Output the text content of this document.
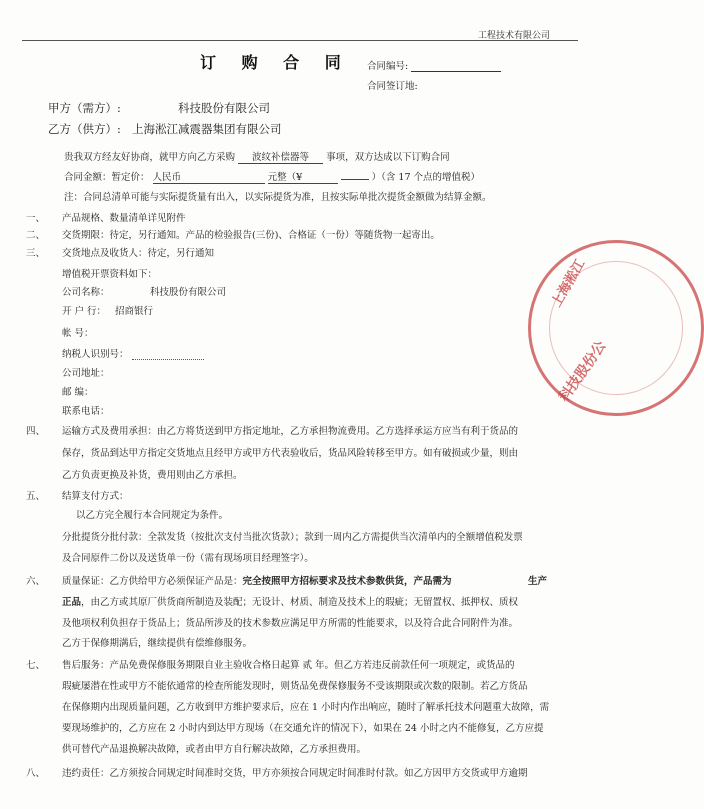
工程技术有限公司
订 购 合 同 合同编号:
合同签订地:
甲方（需方）:	科技股份有限公司
乙方（供方）: 上海淞江减震器集团有限公司
贵我双方经友好协商，就甲方向乙方采购 波纹补偿器等 事项，双方达成以下订购合同
合同金额：暂定价： 人民币	元整（¥	）（含 17 个点的增值税）
注：合同总清单可能与实际提货量有出入，以实际提货为准，且按实际单批次提货金额做为结算金额。
一、 产品规格、数量清单详见附件
二、 交货期限：待定，另行通知。产品的检验报告(三份)、合格证（一份）等随货物一起寄出。
三、 交货地点及收货人：待定，另行通知
增值税开票资料如下：
公司名称：	科技股份有限公司
开 户 行： 招商银行
帐 号：
纳税人识别号：
公司地址：
邮 编：
联系电话：
四、 运输方式及费用承担：由乙方将货送到甲方指定地址，乙方承担物流费用。乙方选择承运方应当有利于货品的
保存，货品到达甲方指定交货地点且经甲方或甲方代表验收后，货品风险转移至甲方。如有破损或少量，则由
乙方负责更换及补货，费用则由乙方承担。
五、 结算支付方式：
以乙方完全履行本合同规定为条件。
分批提货分批付款：全款发货（按批次支付当批次货款）；款到一周内乙方需提供当次清单内的全额增值税发票
及合同原件二份以及送货单一份（需有现场项目经理签字）。
六、 质量保证：乙方供给甲方必须保证产品是：完全按照甲方招标要求及技术参数供货，产品需为	生产
正品，由乙方或其原厂供货商所制造及装配；无设计、材质、制造及技术上的瑕疵；无留置权、抵押权、质权
及他项权利负担存于货品上；货品所涉及的技术参数应满足甲方所需的性能要求，以及符合此合同附件为准。
乙方于保修期满后，继续提供有偿维修服务。
七、 售后服务：产品免费保修服务期限自业主验收合格日起算 贰 年。但乙方若违反前款任何一项规定，或货品的
瑕疵屡潜在性或甲方不能依通常的检查所能发现时，则货品免费保修服务不受该期限或次数的限制。若乙方货品
在保修期内出现质量问题，乙方收到甲方维护要求后，应在 1 小时内作出响应，随时了解承托技术问题重大故障，需
要现场维护的，乙方应在 2 小时内到达甲方现场（在交通允许的情况下），如果在 24 小时之内不能修复，乙方应提
供可替代产品退换解决故障，或者由甲方自行解决故障，乙方承担费用。
八、 违约责任：乙方须按合同规定时间准时交货，甲方亦须按合同规定时间准时付款。如乙方因甲方交货或甲方逾期
上海淞江
科技股份公
